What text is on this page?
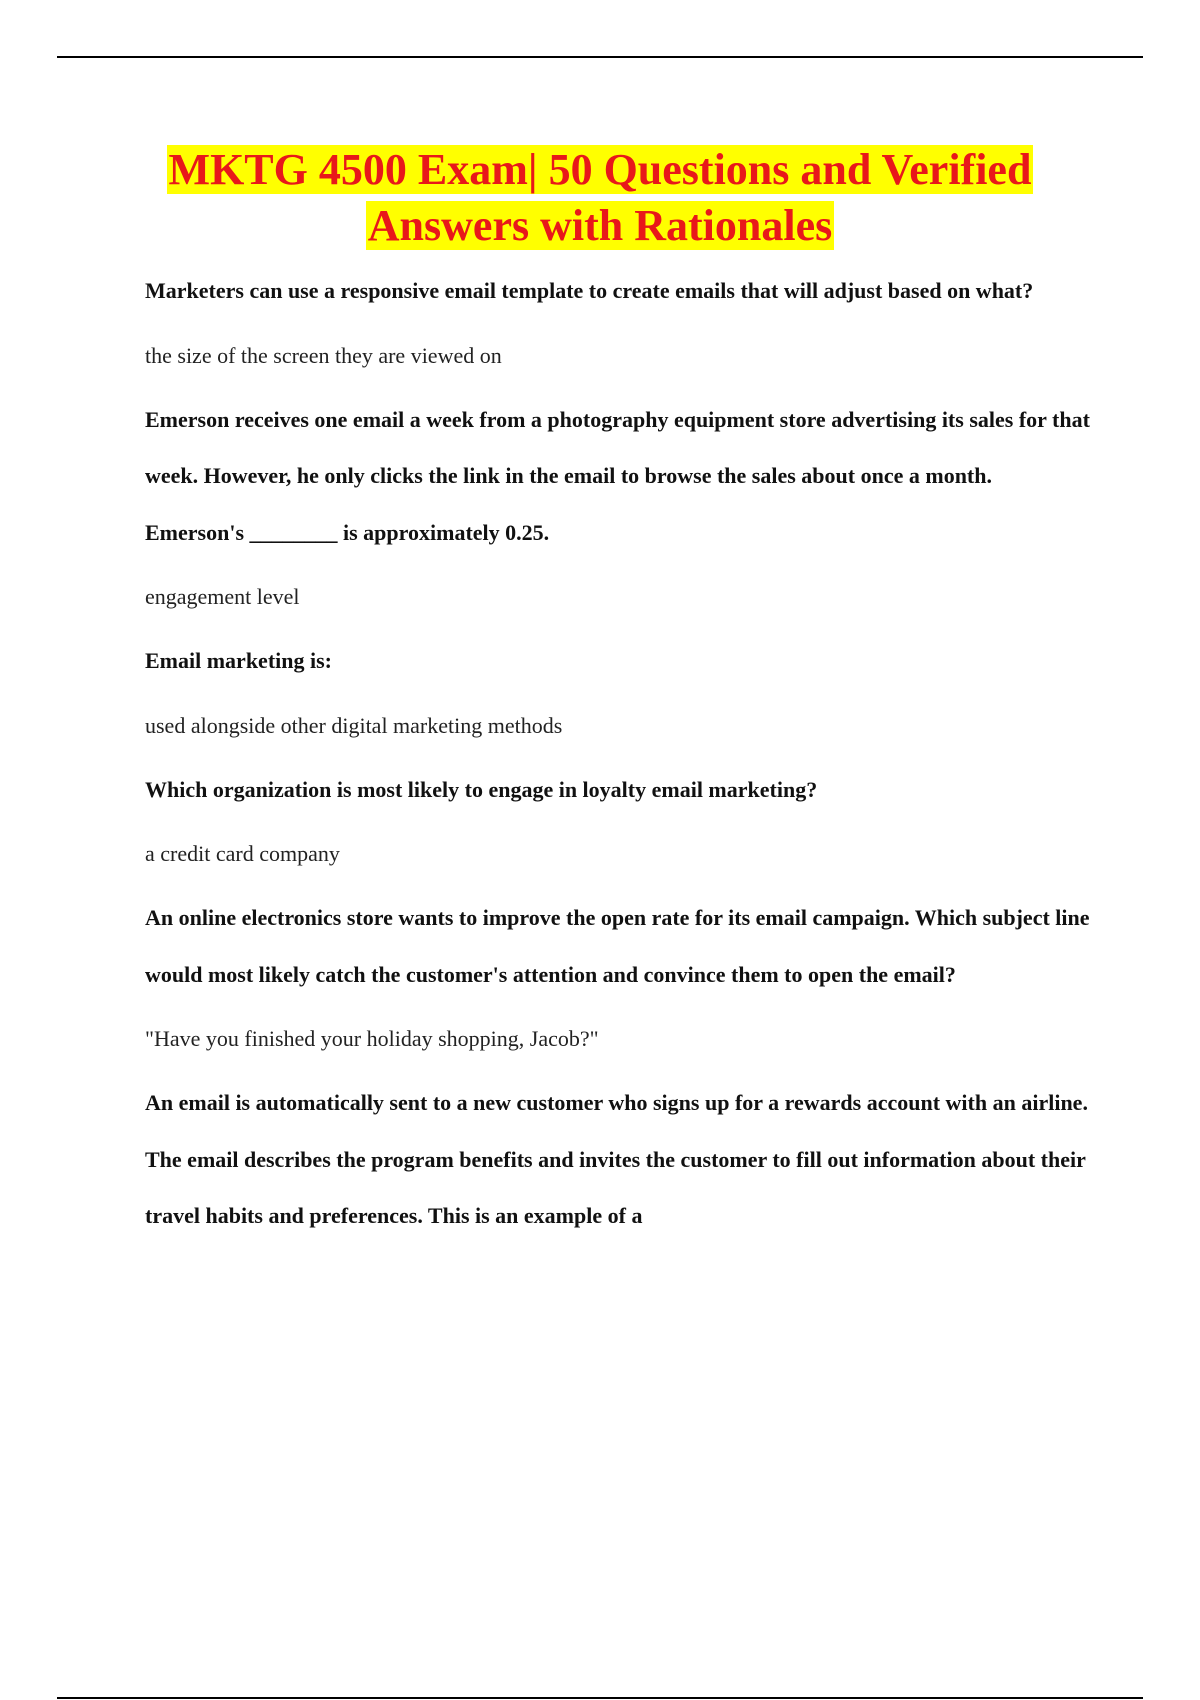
MKTG 4500 Exam| 50 Questions and Verified
Answers with Rationales

Marketers can use a responsive email template to create emails that will adjust based on what?

the size of the screen they are viewed on

Emerson receives one email a week from a photography equipment store advertising its sales for that week. However, he only clicks the link in the email to browse the sales about once a month. Emerson's ________ is approximately 0.25.

engagement level

Email marketing is:

used alongside other digital marketing methods

Which organization is most likely to engage in loyalty email marketing?

a credit card company

An online electronics store wants to improve the open rate for its email campaign. Which subject line would most likely catch the customer's attention and convince them to open the email?

"Have you finished your holiday shopping, Jacob?"

An email is automatically sent to a new customer who signs up for a rewards account with an airline. The email describes the program benefits and invites the customer to fill out information about their travel habits and preferences. This is an example of a
